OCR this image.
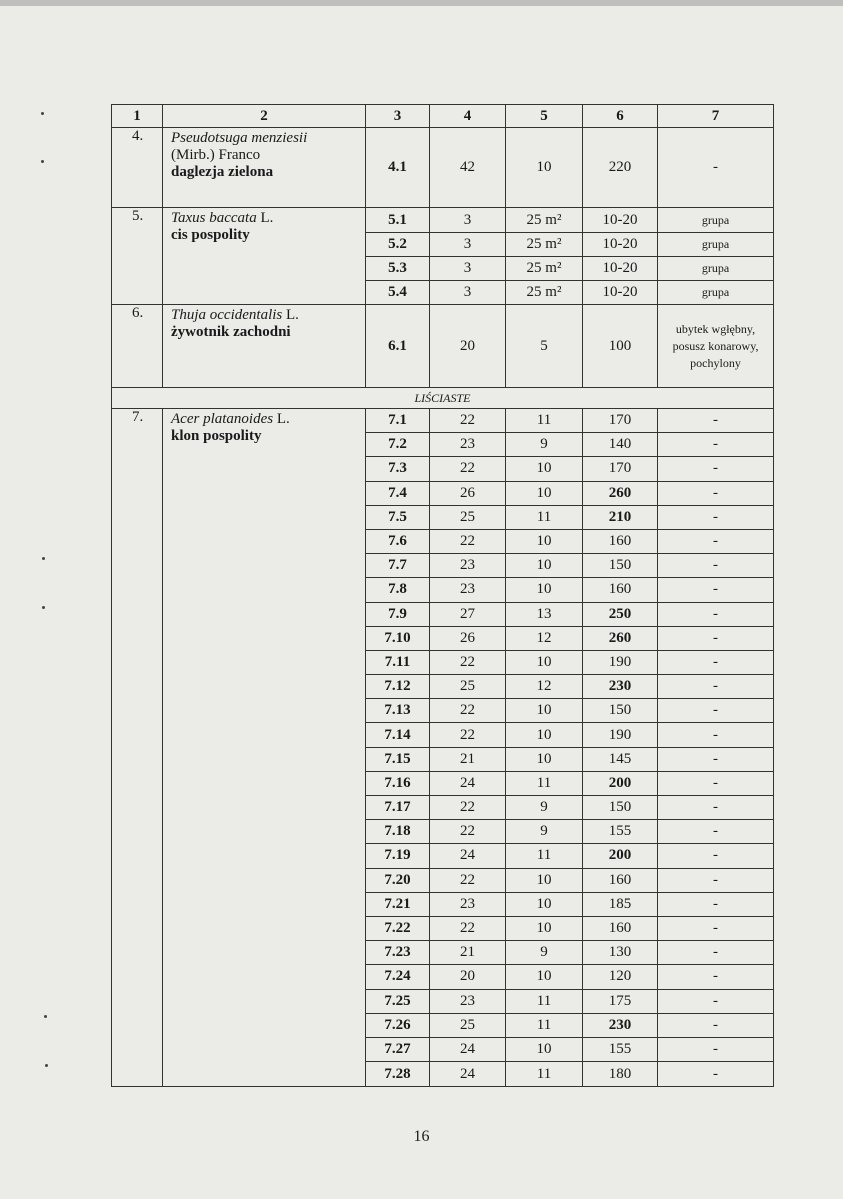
1	2	3	4	5	6	7
4.	Pseudotsuga menziesii
(Mirb.) Franco
daglezja zielona	4.1	42	10	220	-
5.	Taxus baccata L.
cis pospolity	5.1	3	25 m²	10-20	grupa
		5.2	3	25 m²	10-20	grupa
		5.3	3	25 m²	10-20	grupa
		5.4	3	25 m²	10-20	grupa
6.	Thuja occidentalis L.
żywotnik zachodni	6.1	20	5	100	ubytek wgłębny, posusz konarowy, pochylony
LIŚCIASTE						
7.	Acer platanoides L.
klon pospolity	7.1	22	11	170	-
		7.2	23	9	140	-
		7.3	22	10	170	-
		7.4	26	10	260	-
		7.5	25	11	210	-
		7.6	22	10	160	-
		7.7	23	10	150	-
		7.8	23	10	160	-
		7.9	27	13	250	-
		7.10	26	12	260	-
		7.11	22	10	190	-
		7.12	25	12	230	-
		7.13	22	10	150	-
		7.14	22	10	190	-
		7.15	21	10	145	-
		7.16	24	11	200	-
		7.17	22	9	150	-
		7.18	22	9	155	-
		7.19	24	11	200	-
		7.20	22	10	160	-
		7.21	23	10	185	-
		7.22	22	10	160	-
		7.23	21	9	130	-
		7.24	20	10	120	-
		7.25	23	11	175	-
		7.26	25	11	230	-
		7.27	24	10	155	-
		7.28	24	11	180	-
16
